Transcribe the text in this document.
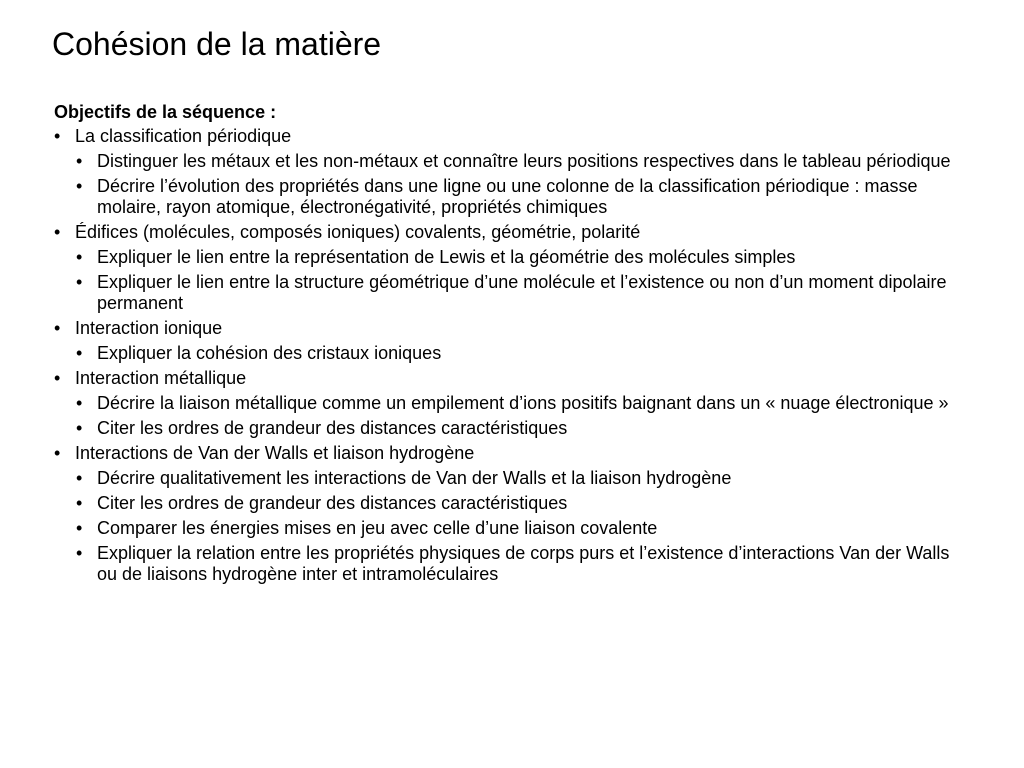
Cohésion de la matière
Objectifs de la séquence :
• La classification périodique
• Distinguer les métaux et les non-métaux et connaître leurs positions respectives dans le tableau périodique
• Décrire l’évolution des propriétés dans une ligne ou une colonne de la classification périodique : masse molaire, rayon atomique, électronégativité, propriétés chimiques
• Édifices (molécules, composés ioniques) covalents, géométrie, polarité
• Expliquer le lien entre la représentation de Lewis et la géométrie des molécules simples
• Expliquer le lien entre la structure géométrique d’une molécule et l’existence ou non d’un moment dipolaire permanent
• Interaction ionique
• Expliquer la cohésion des cristaux ioniques
• Interaction métallique
• Décrire la liaison métallique comme un empilement d’ions positifs baignant dans un « nuage électronique »
• Citer les ordres de grandeur des distances caractéristiques
• Interactions de Van der Walls et liaison hydrogène
• Décrire qualitativement les interactions de Van der Walls et la liaison hydrogène
• Citer les ordres de grandeur des distances caractéristiques
• Comparer les énergies mises en jeu avec celle d’une liaison covalente
• Expliquer la relation entre les propriétés physiques de corps purs et l’existence d’interactions Van der Walls ou de liaisons hydrogène inter et intramoléculaires
